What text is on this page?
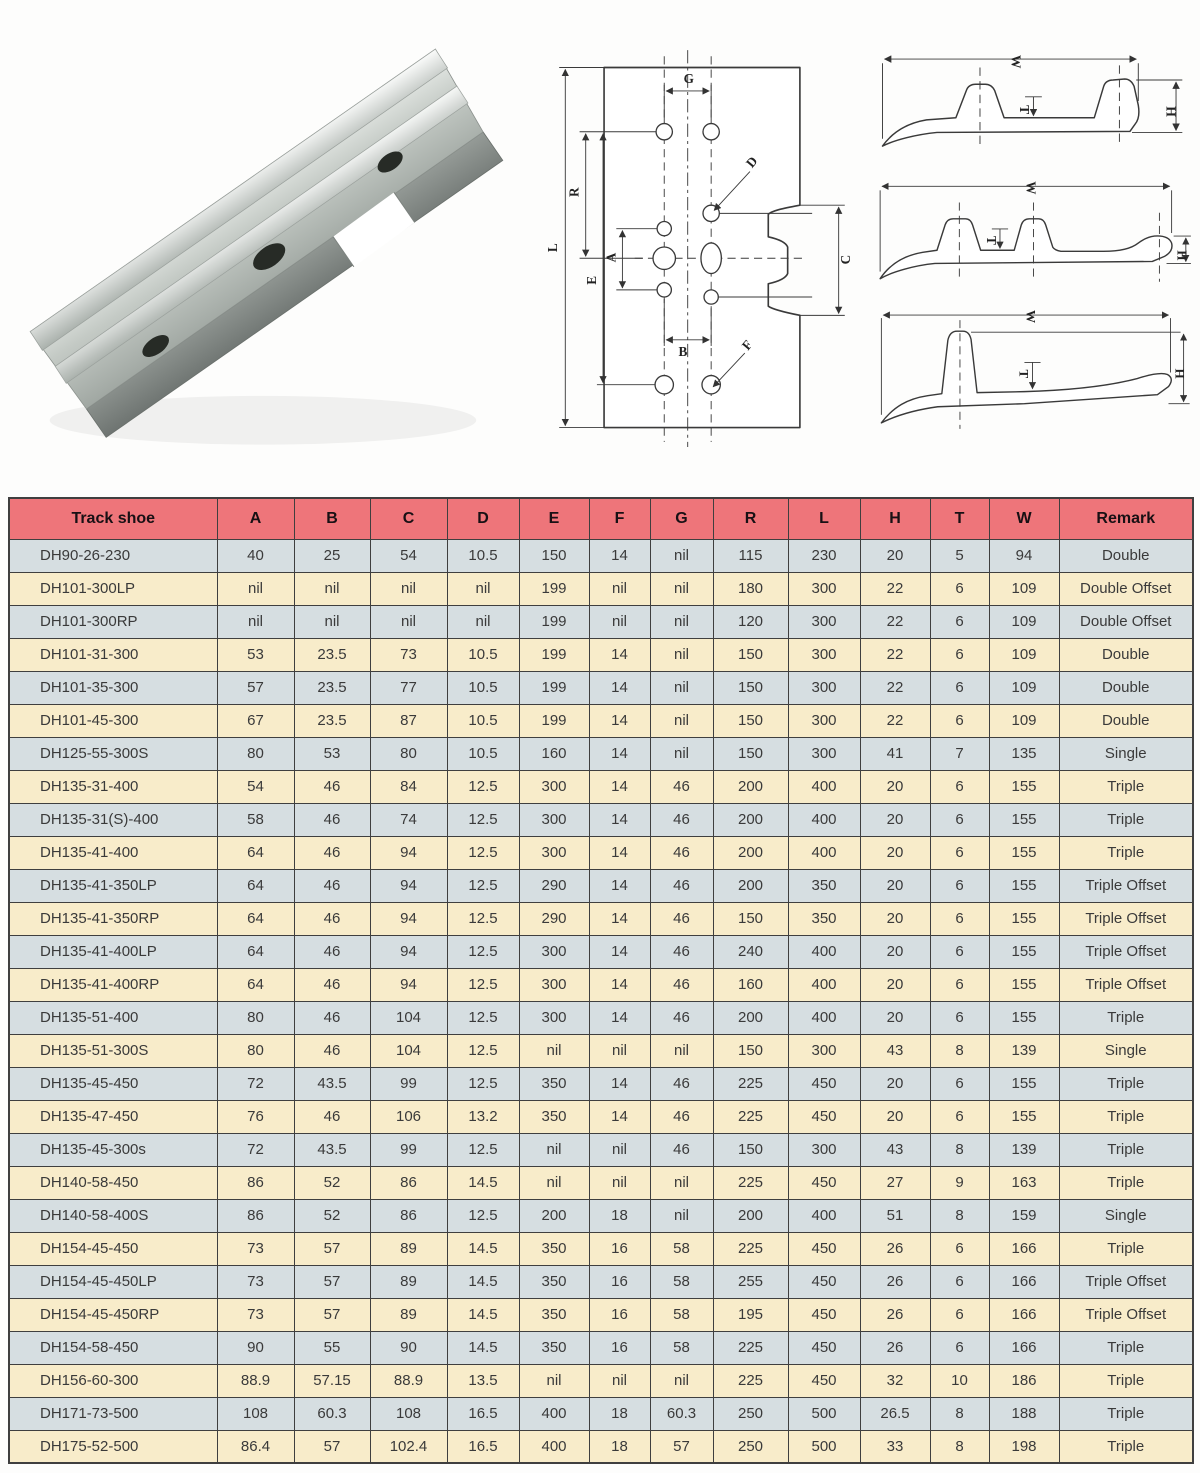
G
L
R
E
A
B
C
D
F
W
H
T
W
H
T
W
H
T
Track shoe	A	B	C	D	E	F	G	R	L	H	T	W	Remark
DH90-26-230	40	25	54	10.5	150	14	nil	115	230	20	5	94	Double
DH101-300LP	nil	nil	nil	nil	199	nil	nil	180	300	22	6	109	Double Offset
DH101-300RP	nil	nil	nil	nil	199	nil	nil	120	300	22	6	109	Double Offset
DH101-31-300	53	23.5	73	10.5	199	14	nil	150	300	22	6	109	Double
DH101-35-300	57	23.5	77	10.5	199	14	nil	150	300	22	6	109	Double
DH101-45-300	67	23.5	87	10.5	199	14	nil	150	300	22	6	109	Double
DH125-55-300S	80	53	80	10.5	160	14	nil	150	300	41	7	135	Single
DH135-31-400	54	46	84	12.5	300	14	46	200	400	20	6	155	Triple
DH135-31(S)-400	58	46	74	12.5	300	14	46	200	400	20	6	155	Triple
DH135-41-400	64	46	94	12.5	300	14	46	200	400	20	6	155	Triple
DH135-41-350LP	64	46	94	12.5	290	14	46	200	350	20	6	155	Triple Offset
DH135-41-350RP	64	46	94	12.5	290	14	46	150	350	20	6	155	Triple Offset
DH135-41-400LP	64	46	94	12.5	300	14	46	240	400	20	6	155	Triple Offset
DH135-41-400RP	64	46	94	12.5	300	14	46	160	400	20	6	155	Triple Offset
DH135-51-400	80	46	104	12.5	300	14	46	200	400	20	6	155	Triple
DH135-51-300S	80	46	104	12.5	nil	nil	nil	150	300	43	8	139	Single
DH135-45-450	72	43.5	99	12.5	350	14	46	225	450	20	6	155	Triple
DH135-47-450	76	46	106	13.2	350	14	46	225	450	20	6	155	Triple
DH135-45-300s	72	43.5	99	12.5	nil	nil	46	150	300	43	8	139	Triple
DH140-58-450	86	52	86	14.5	nil	nil	nil	225	450	27	9	163	Triple
DH140-58-400S	86	52	86	12.5	200	18	nil	200	400	51	8	159	Single
DH154-45-450	73	57	89	14.5	350	16	58	225	450	26	6	166	Triple
DH154-45-450LP	73	57	89	14.5	350	16	58	255	450	26	6	166	Triple Offset
DH154-45-450RP	73	57	89	14.5	350	16	58	195	450	26	6	166	Triple Offset
DH154-58-450	90	55	90	14.5	350	16	58	225	450	26	6	166	Triple
DH156-60-300	88.9	57.15	88.9	13.5	nil	nil	nil	225	450	32	10	186	Triple
DH171-73-500	108	60.3	108	16.5	400	18	60.3	250	500	26.5	8	188	Triple
DH175-52-500	86.4	57	102.4	16.5	400	18	57	250	500	33	8	198	Triple
